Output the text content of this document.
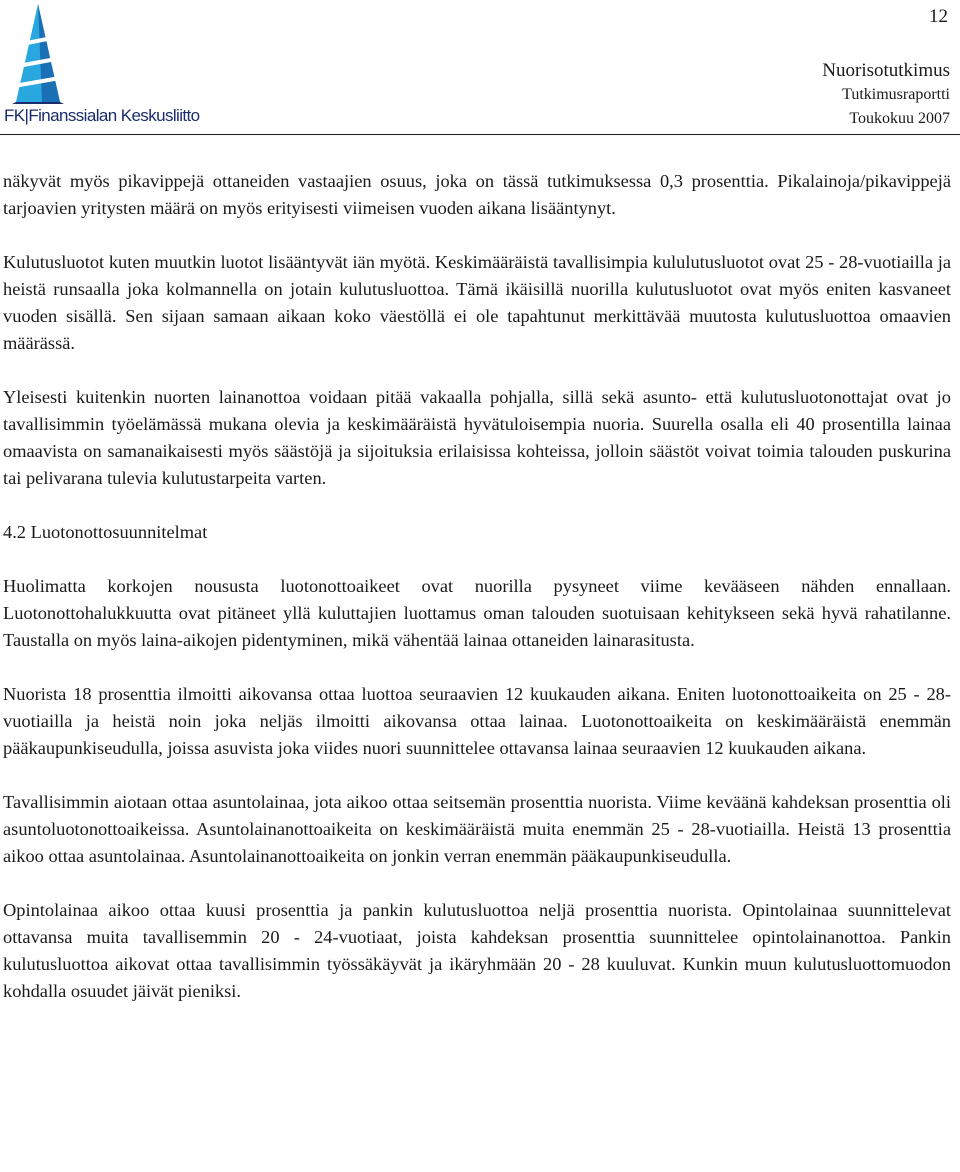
FK|Finanssialan Keskusliitto
12
Nuorisotutkimus
Tutkimusraportti
Toukokuu 2007

näkyvät myös pikavippejä ottaneiden vastaajien osuus, joka on tässä tutkimuksessa 0,3 prosenttia. Pikalainoja/pikavippejä tarjoavien yritysten määrä on myös erityisesti viimeisen vuoden aikana lisääntynyt.

Kulutusluotot kuten muutkin luotot lisääntyvät iän myötä. Keskimääräistä tavallisimpia kululutusluotot ovat 25 - 28-vuotiailla ja heistä runsaalla joka kolmannella on jotain kulutusluottoa. Tämä ikäisillä nuorilla kulutusluotot ovat myös eniten kasvaneet vuoden sisällä. Sen sijaan samaan aikaan koko väestöllä ei ole tapahtunut merkittävää muutosta kulutusluottoa omaavien määrässä.

Yleisesti kuitenkin nuorten lainanottoa voidaan pitää vakaalla pohjalla, sillä sekä asunto- että kulutusluotonottajat ovat jo tavallisimmin työelämässä mukana olevia ja keskimääräistä hyvätuloisempia nuoria. Suurella osalla eli 40 prosentilla lainaa omaavista on samanaikaisesti myös säästöjä ja sijoituksia erilaisissa kohteissa, jolloin säästöt voivat toimia talouden puskurina tai pelivarana tulevia kulutustarpeita varten.

4.2 Luotonottosuunnitelmat

Huolimatta korkojen noususta luotonottoaikeet ovat nuorilla pysyneet viime kevääseen nähden ennallaan. Luotonottohalukkuutta ovat pitäneet yllä kuluttajien luottamus oman talouden suotuisaan kehitykseen sekä hyvä rahatilanne. Taustalla on myös laina-aikojen pidentyminen, mikä vähentää lainaa ottaneiden lainarasitusta.

Nuorista 18 prosenttia ilmoitti aikovansa ottaa luottoa seuraavien 12 kuukauden aikana. Eniten luotonottoaikeita on 25 - 28-vuotiailla ja heistä noin joka neljäs ilmoitti aikovansa ottaa lainaa. Luotonottoaikeita on keskimääräistä enemmän pääkaupunkiseudulla, joissa asuvista joka viides nuori suunnittelee ottavansa lainaa seuraavien 12 kuukauden aikana.

Tavallisimmin aiotaan ottaa asuntolainaa, jota aikoo ottaa seitsemän prosenttia nuorista. Viime keväänä kahdeksan prosenttia oli asuntoluotonottoaikeissa. Asuntolainanottoaikeita on keskimääräistä muita enemmän 25 - 28-vuotiailla. Heistä 13 prosenttia aikoo ottaa asuntolainaa. Asuntolainanottoaikeita on jonkin verran enemmän pääkaupunkiseudulla.

Opintolainaa aikoo ottaa kuusi prosenttia ja pankin kulutusluottoa neljä prosenttia nuorista. Opintolainaa suunnittelevat ottavansa muita tavallisemmin 20 - 24-vuotiaat, joista kahdeksan prosenttia suunnittelee opintolainanottoa. Pankin kulutusluottoa aikovat ottaa tavallisimmin työssäkäyvät ja ikäryhmään 20 - 28 kuuluvat. Kunkin muun kulutusluottomuodon kohdalla osuudet jäivät pieniksi.
